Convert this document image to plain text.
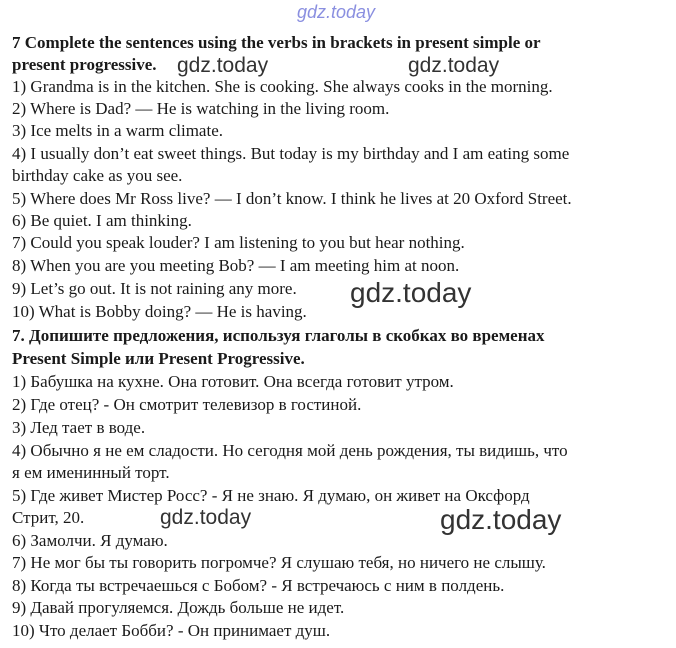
gdz.today

7 Complete the sentences using the verbs in brackets in present simple or

present progressive. gdz.today	gdz.today

1) Grandma is in the kitchen. She is cooking. She always cooks in the morning.

2) Where is Dad? — He is watching in the living room.

3) Ice melts in a warm climate.

4) I usually don’t eat sweet things. But today is my birthday and I am eating some

birthday cake as you see.

5) Where does Mr Ross live? — I don’t know. I think he lives at 20 Oxford Street.

6) Be quiet. I am thinking.

7) Could you speak louder? I am listening to you but hear nothing.

8) When you are you meeting Bob? — I am meeting him at noon.

9) Let’s go out. It is not raining any more. gdz.today

10) What is Bobby doing? — He is having.

7. Допишите предложения, используя глаголы в скобках во временах

Present Simple или Present Progressive.

1) Бабушка на кухне. Она готовит. Она всегда готовит утром.

2) Где отец? - Он смотрит телевизор в гостиной.

3) Лед тает в воде.

4) Обычно я не ем сладости. Но сегодня мой день рождения, ты видишь, что

я ем именинный торт.

5) Где живет Мистер Росс? - Я не знаю. Я думаю, он живет на Оксфорд

Стрит, 20.	gdz.today	gdz.today

6) Замолчи. Я думаю.

7) Не мог бы ты говорить погромче? Я слушаю тебя, но ничего не слышу.

8) Когда ты встречаешься с Бобом? - Я встречаюсь с ним в полдень.

9) Давай прогуляемся. Дождь больше не идет.

10) Что делает Бобби? - Он принимает душ.
